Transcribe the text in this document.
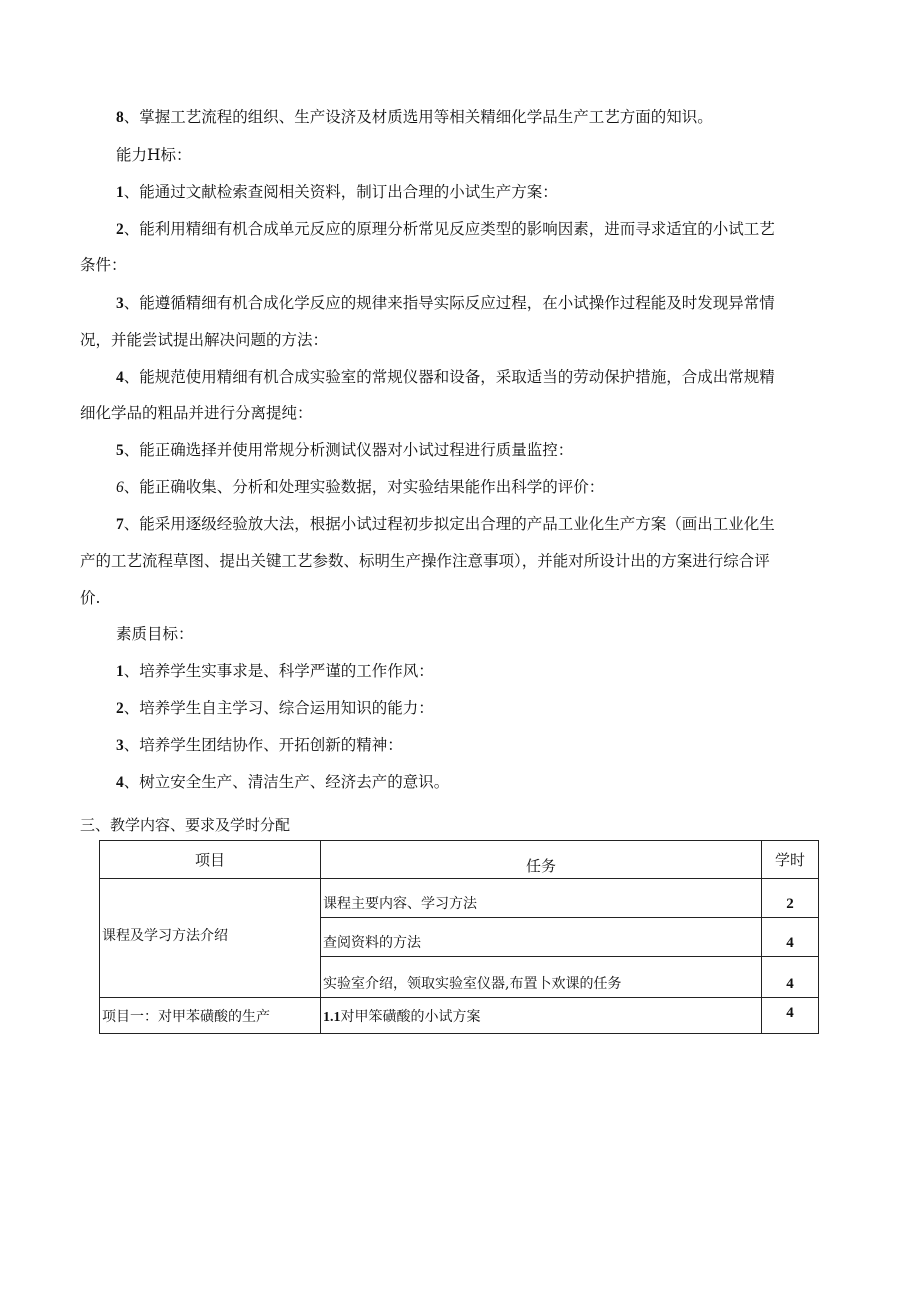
8、掌握工艺流程的组织、生产设济及材质选用等相关精细化学品生产工艺方面的知识。
能力H标：
1、能通过文献检索查阅相关资料，制订出合理的小试生产方案：
2、能利用精细有机合成单元反应的原理分析常见反应类型的影响因素，进而寻求适宜的小试工艺
条件：
3、能遵循精细有机合成化学反应的规律来指导实际反应过程，在小试操作过程能及时发现异常情
况，并能尝试提出解决问题的方法：
4、能规范使用精细有机合成实验室的常规仪器和设备，采取适当的劳动保护措施，合成出常规精
细化学品的粗品并进行分离提纯：
5、能正确选择并使用常规分析测试仪器对小试过程进行质量监控：
6、能正确收集、分析和处理实验数据，对实验结果能作出科学的评价：
7、能采用逐级经验放大法，根据小试过程初步拟定出合理的产品工业化生产方案（画出工业化生
产的工艺流程草图、提出关键工艺参数、标明生产操作注意事项），并能对所设计出的方案进行综合评
价.
素质目标：
1、培养学生实事求是、科学严谨的工作作风：
2、培养学生自主学习、综合运用知识的能力：
3、培养学生团结协作、开拓创新的精神：
4、树立安全生产、清洁生产、经济去产的意识。
三、教学内容、要求及学时分配
项目	任务	学时
课程及学习方法介绍	课程主要内容、学习方法	2
	查阅资料的方法	4
	实验室介绍，领取实验室仪器,布置卜欢课的任务	4
项目一：对甲苯磺酸的生产	1.1对甲笨磺酸的小试方案	4
